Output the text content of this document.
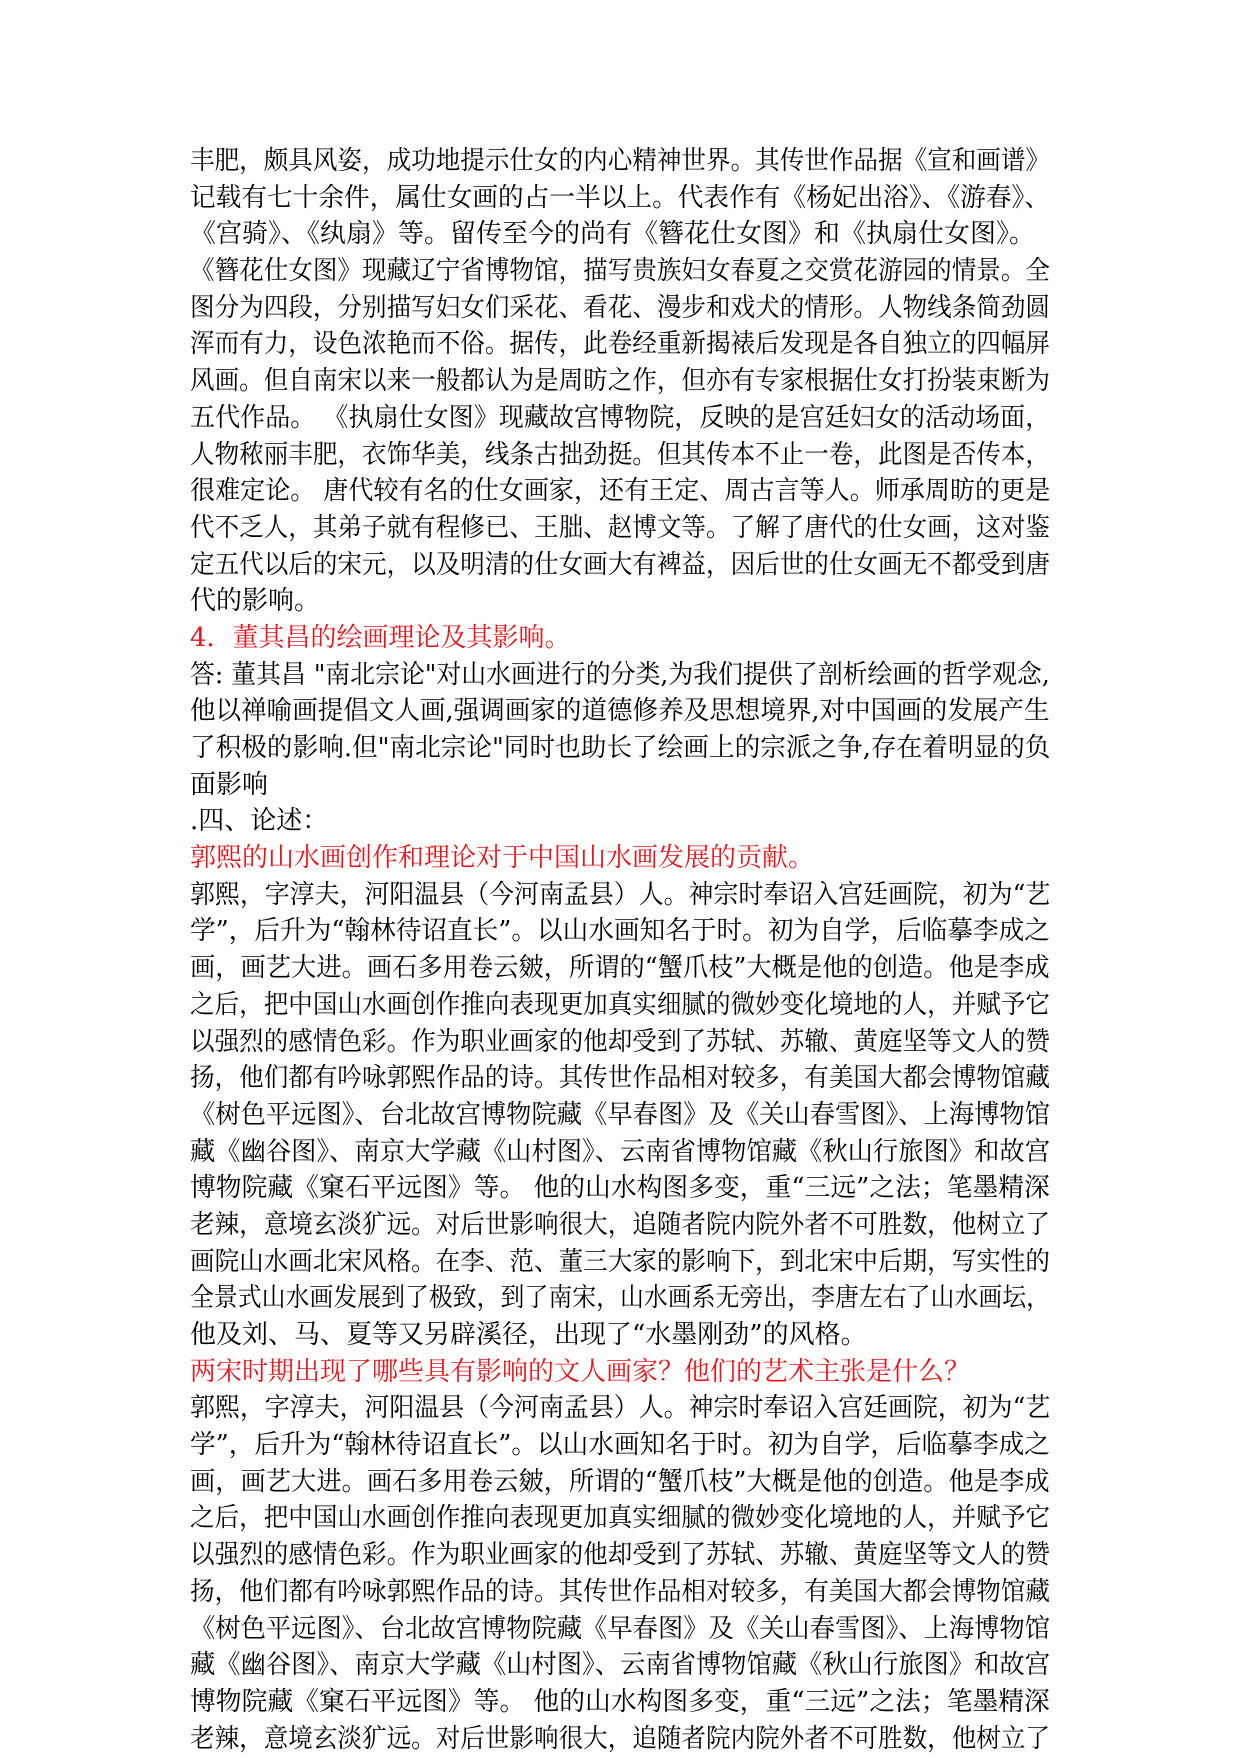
丰肥，颇具风姿，成功地提示仕女的内心精神世界。其传世作品据《宣和画谱》
记载有七十余件，属仕女画的占一半以上。代表作有《杨妃出浴》、《游春》、
《宫骑》、《纨扇》等。留传至今的尚有《簪花仕女图》和《执扇仕女图》。
《簪花仕女图》现藏辽宁省博物馆，描写贵族妇女春夏之交赏花游园的情景。全
图分为四段，分别描写妇女们采花、看花、漫步和戏犬的情形。人物线条简劲圆
浑而有力，设色浓艳而不俗。据传，此卷经重新揭裱后发现是各自独立的四幅屏
风画。但自南宋以来一般都认为是周昉之作，但亦有专家根据仕女打扮装束断为
五代作品。 《执扇仕女图》现藏故宫博物院，反映的是宫廷妇女的活动场面，
人物秾丽丰肥，衣饰华美，线条古拙劲挺。但其传本不止一卷，此图是否传本，
很难定论。 唐代较有名的仕女画家，还有王定、周古言等人。师承周昉的更是
代不乏人，其弟子就有程修已、王朏、赵博文等。了解了唐代的仕女画，这对鉴
定五代以后的宋元，以及明清的仕女画大有裨益，因后世的仕女画无不都受到唐
代的影响。
4．董其昌的绘画理论及其影响。
答: 董其昌 "南北宗论"对山水画进行的分类,为我们提供了剖析绘画的哲学观念,
他以禅喻画提倡文人画,强调画家的道德修养及思想境界,对中国画的发展产生
了积极的影响.但"南北宗论"同时也助长了绘画上的宗派之争,存在着明显的负
面影响
.四、论述：
郭熙的山水画创作和理论对于中国山水画发展的贡献。
郭熙，字淳夫，河阳温县（今河南孟县）人。神宗时奉诏入宫廷画院，初为“艺
学”，后升为“翰林待诏直长”。以山水画知名于时。初为自学，后临摹李成之
画，画艺大进。画石多用卷云皴，所谓的“蟹爪枝”大概是他的创造。他是李成
之后，把中国山水画创作推向表现更加真实细腻的微妙变化境地的人，并赋予它
以强烈的感情色彩。作为职业画家的他却受到了苏轼、苏辙、黄庭坚等文人的赞
扬，他们都有吟咏郭熙作品的诗。其传世作品相对较多，有美国大都会博物馆藏
《树色平远图》、台北故宫博物院藏《早春图》及《关山春雪图》、上海博物馆
藏《幽谷图》、南京大学藏《山村图》、云南省博物馆藏《秋山行旅图》和故宫
博物院藏《窠石平远图》等。 他的山水构图多变，重“三远”之法；笔墨精深
老辣，意境玄淡犷远。对后世影响很大，追随者院内院外者不可胜数，他树立了
画院山水画北宋风格。在李、范、董三大家的影响下，到北宋中后期，写实性的
全景式山水画发展到了极致，到了南宋，山水画系无旁出，李唐左右了山水画坛，
他及刘、马、夏等又另辟溪径，出现了“水墨刚劲”的风格。
两宋时期出现了哪些具有影响的文人画家？他们的艺术主张是什么？
郭熙，字淳夫，河阳温县（今河南孟县）人。神宗时奉诏入宫廷画院，初为“艺
学”，后升为“翰林待诏直长”。以山水画知名于时。初为自学，后临摹李成之
画，画艺大进。画石多用卷云皴，所谓的“蟹爪枝”大概是他的创造。他是李成
之后，把中国山水画创作推向表现更加真实细腻的微妙变化境地的人，并赋予它
以强烈的感情色彩。作为职业画家的他却受到了苏轼、苏辙、黄庭坚等文人的赞
扬，他们都有吟咏郭熙作品的诗。其传世作品相对较多，有美国大都会博物馆藏
《树色平远图》、台北故宫博物院藏《早春图》及《关山春雪图》、上海博物馆
藏《幽谷图》、南京大学藏《山村图》、云南省博物馆藏《秋山行旅图》和故宫
博物院藏《窠石平远图》等。 他的山水构图多变，重“三远”之法；笔墨精深
老辣，意境玄淡犷远。对后世影响很大，追随者院内院外者不可胜数，他树立了
